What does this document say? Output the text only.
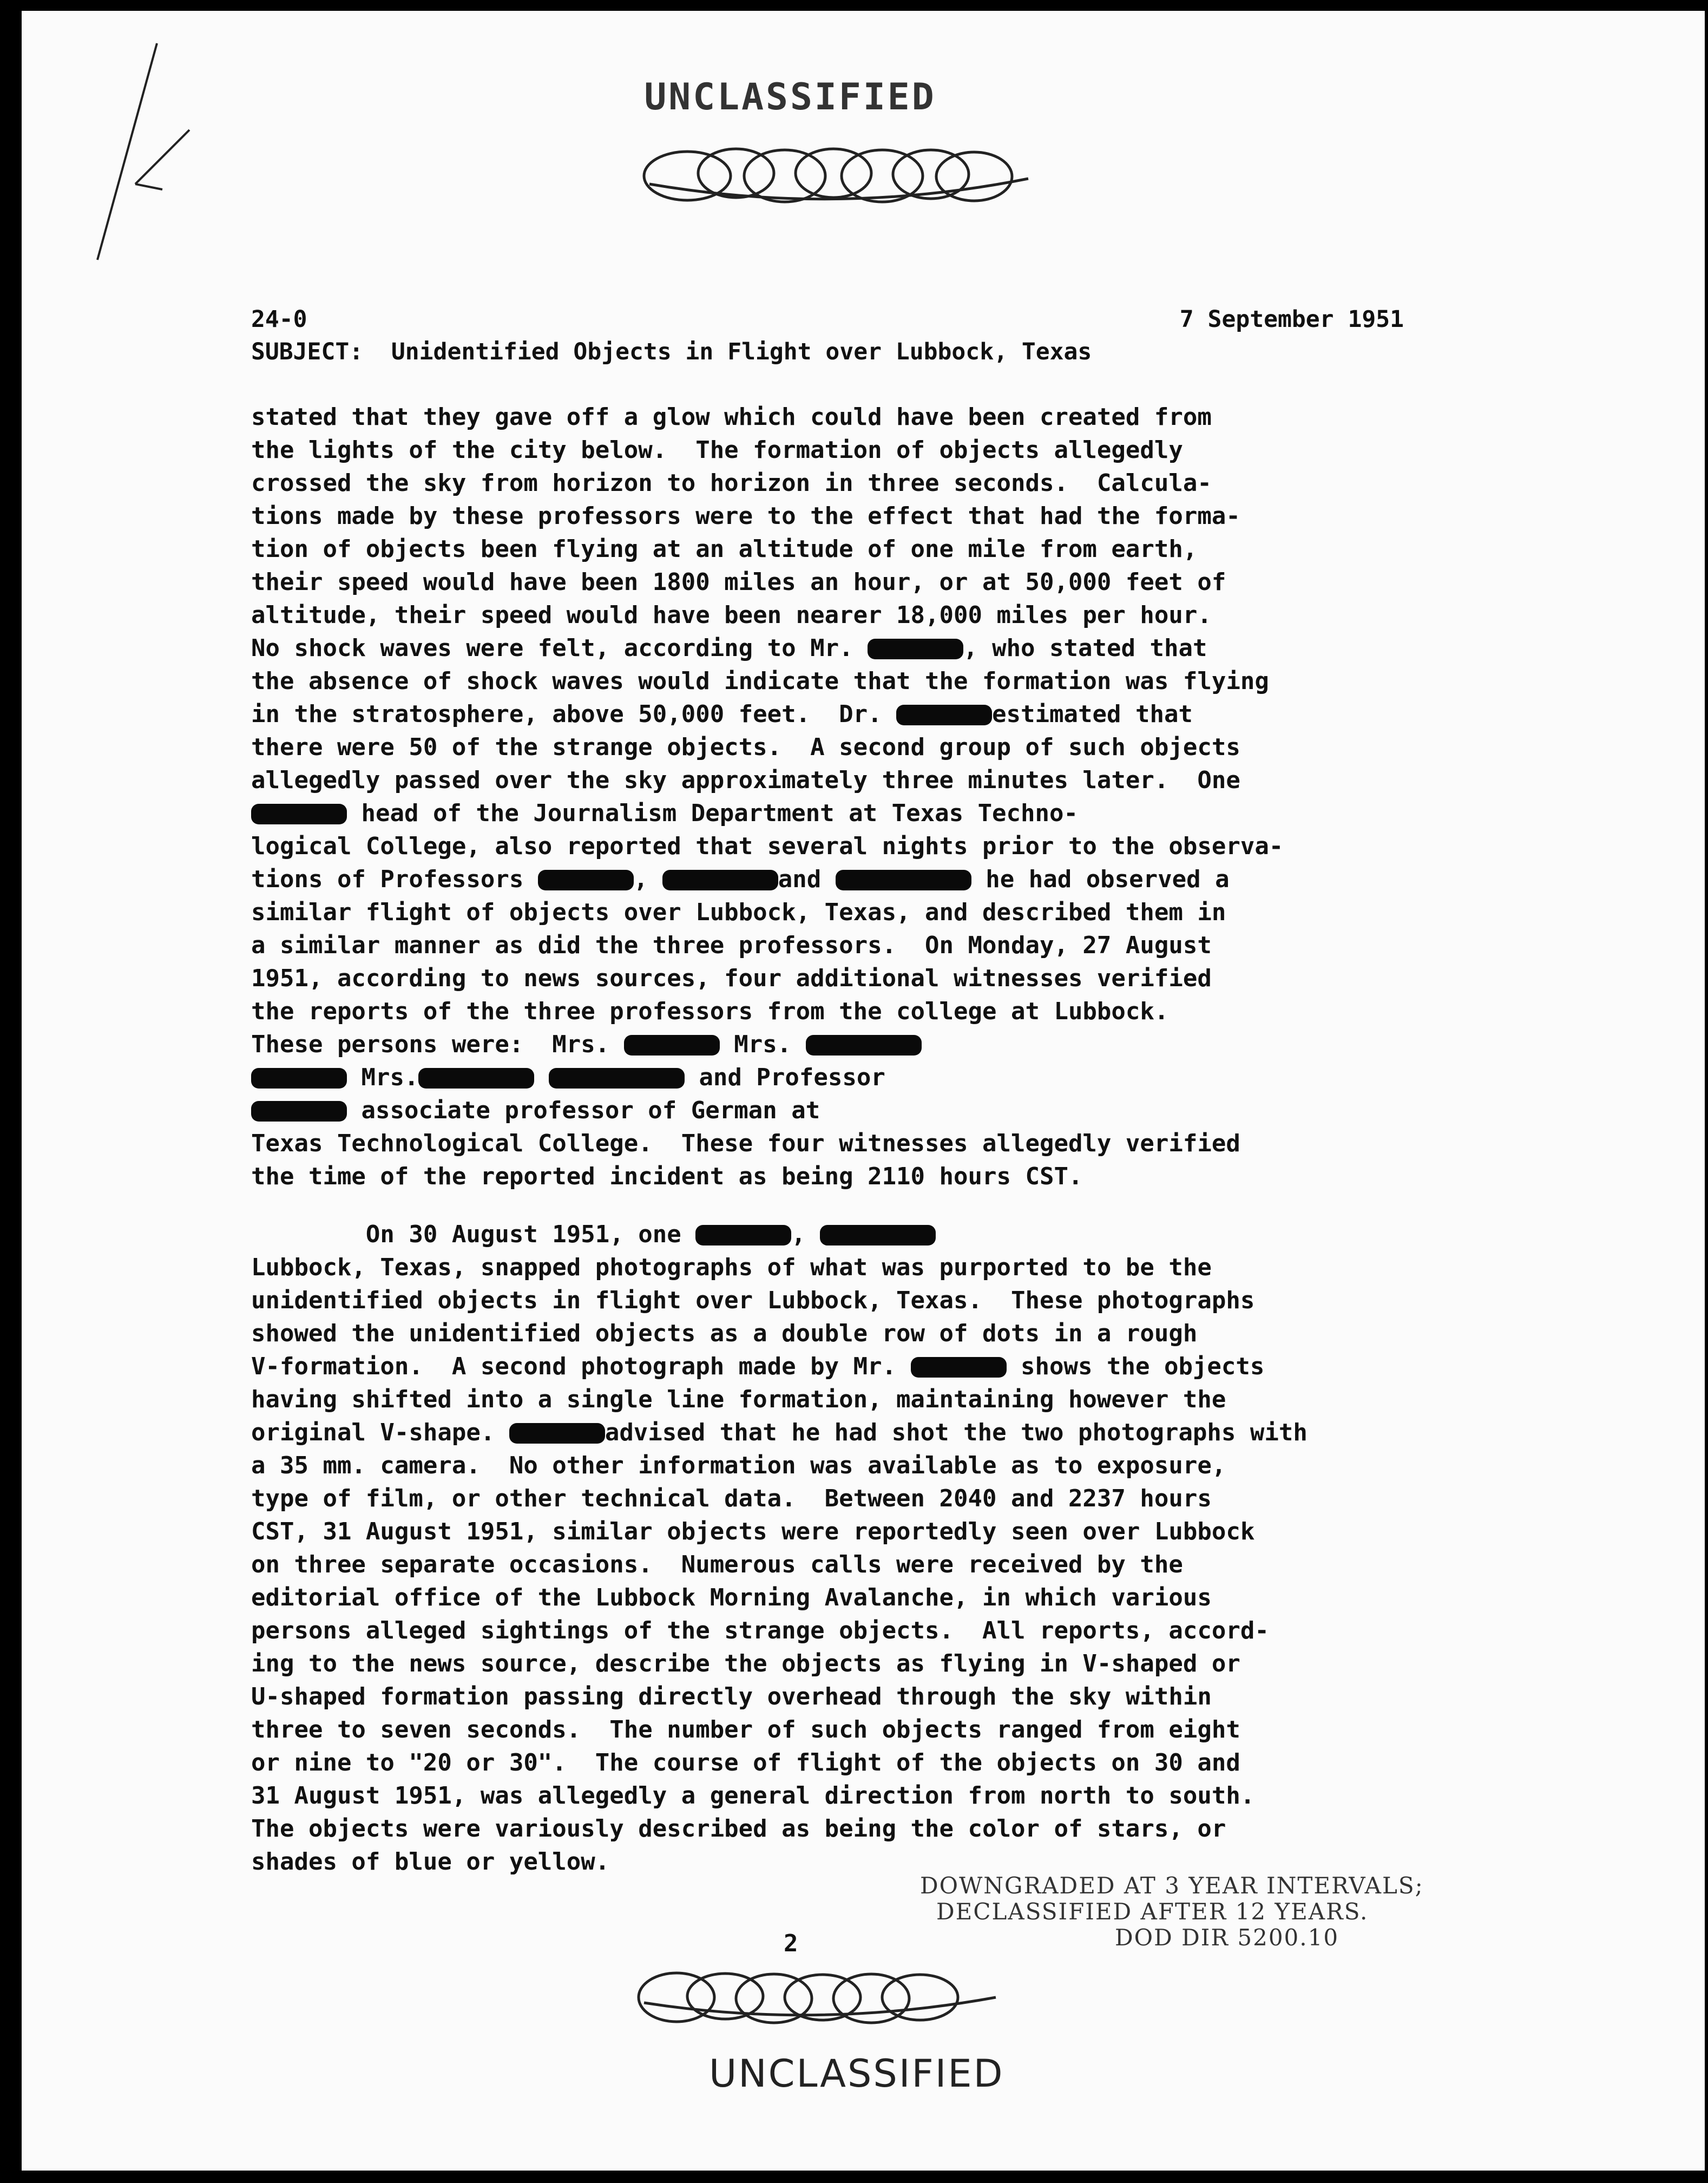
UNCLASSIFIED
24-0	7 September 1951
SUBJECT: Unidentified Objects in Flight over Lubbock, Texas
stated that they gave off a glow which could have been created from
the lights of the city below.  The formation of objects allegedly
crossed the sky from horizon to horizon in three seconds.  Calcula-
tions made by these professors were to the effect that had the forma-
tion of objects been flying at an altitude of one mile from earth,
their speed would have been 1800 miles an hour, or at 50,000 feet of
altitude, their speed would have been nearer 18,000 miles per hour.
No shock waves were felt, according to Mr.	, who stated that
the absence of shock waves would indicate that the formation was flying
in the stratosphere, above 50,000 feet.  Dr.	estimated that
there were 50 of the strange objects.  A second group of such objects
allegedly passed over the sky approximately three minutes later.  One
head of the Journalism Department at Texas Techno-
logical College, also reported that several nights prior to the observa-
tions of Professors	,	and	he had observed a
similar flight of objects over Lubbock, Texas, and described them in
a similar manner as did the three professors.  On Monday, 27 August
1951, according to news sources, four additional witnesses verified
the reports of the three professors from the college at Lubbock.
These persons were:  Mrs.	Mrs.
Mrs.	and Professor
associate professor of German at
Texas Technological College.  These four witnesses allegedly verified
the time of the reported incident as being 2110 hours CST.
On 30 August 1951, one	,
Lubbock, Texas, snapped photographs of what was purported to be the
unidentified objects in flight over Lubbock, Texas.  These photographs
showed the unidentified objects as a double row of dots in a rough
V-formation.  A second photograph made by Mr.	shows the objects
having shifted into a single line formation, maintaining however the
original V-shape.	advised that he had shot the two photographs with
a 35 mm. camera.  No other information was available as to exposure,
type of film, or other technical data.  Between 2040 and 2237 hours
CST, 31 August 1951, similar objects were reportedly seen over Lubbock
on three separate occasions.  Numerous calls were received by the
editorial office of the Lubbock Morning Avalanche, in which various
persons alleged sightings of the strange objects.  All reports, accord-
ing to the news source, describe the objects as flying in V-shaped or
U-shaped formation passing directly overhead through the sky within
three to seven seconds.  The number of such objects ranged from eight
or nine to "20 or 30".  The course of flight of the objects on 30 and
31 August 1951, was allegedly a general direction from north to south.
The objects were variously described as being the color of stars, or
shades of blue or yellow.
DOWNGRADED AT 3 YEAR INTERVALS;
DECLASSIFIED AFTER 12 YEARS.
DOD DIR 5200.10
2
UNCLASSIFIED
